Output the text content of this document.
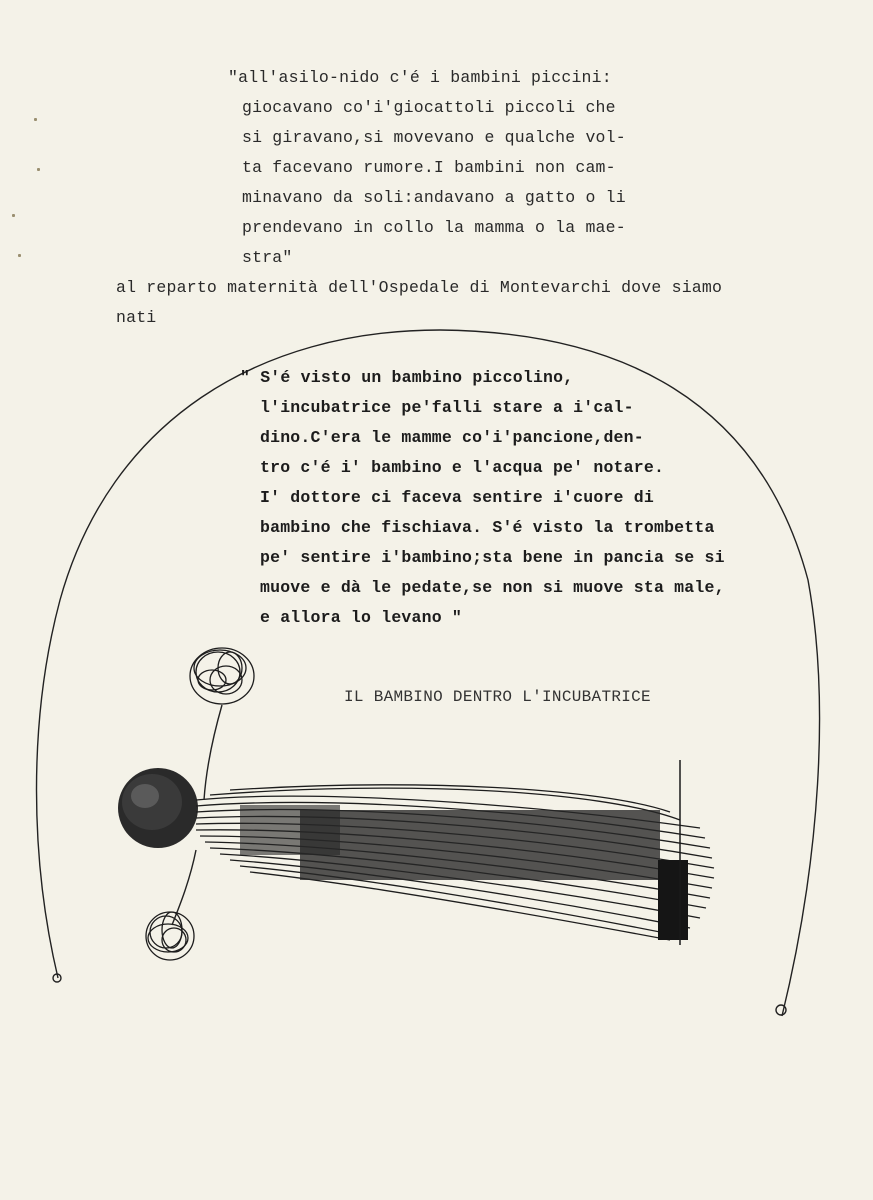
"all'asilo-nido c'é i bambini piccini:
giocavano co'i'giocattoli piccoli che
si giravano,si movevano e qualche vol-
ta facevano rumore.I bambini non cam-
minavano da soli:andavano a gatto o li
prendevano in collo la mamma o la mae-
stra"
al reparto maternità dell'Ospedale di Montevarchi dove siamo
nati
" S'é visto un bambino piccolino,
l'incubatrice pe'falli stare a i'cal-
dino.C'era le mamme co'i'pancione,den-
tro c'é i' bambino e l'acqua pe' notare.
I' dottore ci faceva sentire i'cuore di
bambino che fischiava. S'é visto la trombetta
pe' sentire i'bambino;sta bene in pancia se si
muove e dà le pedate,se non si muove sta male,
e allora lo levano "
IL BAMBINO DENTRO L'INCUBATRICE
